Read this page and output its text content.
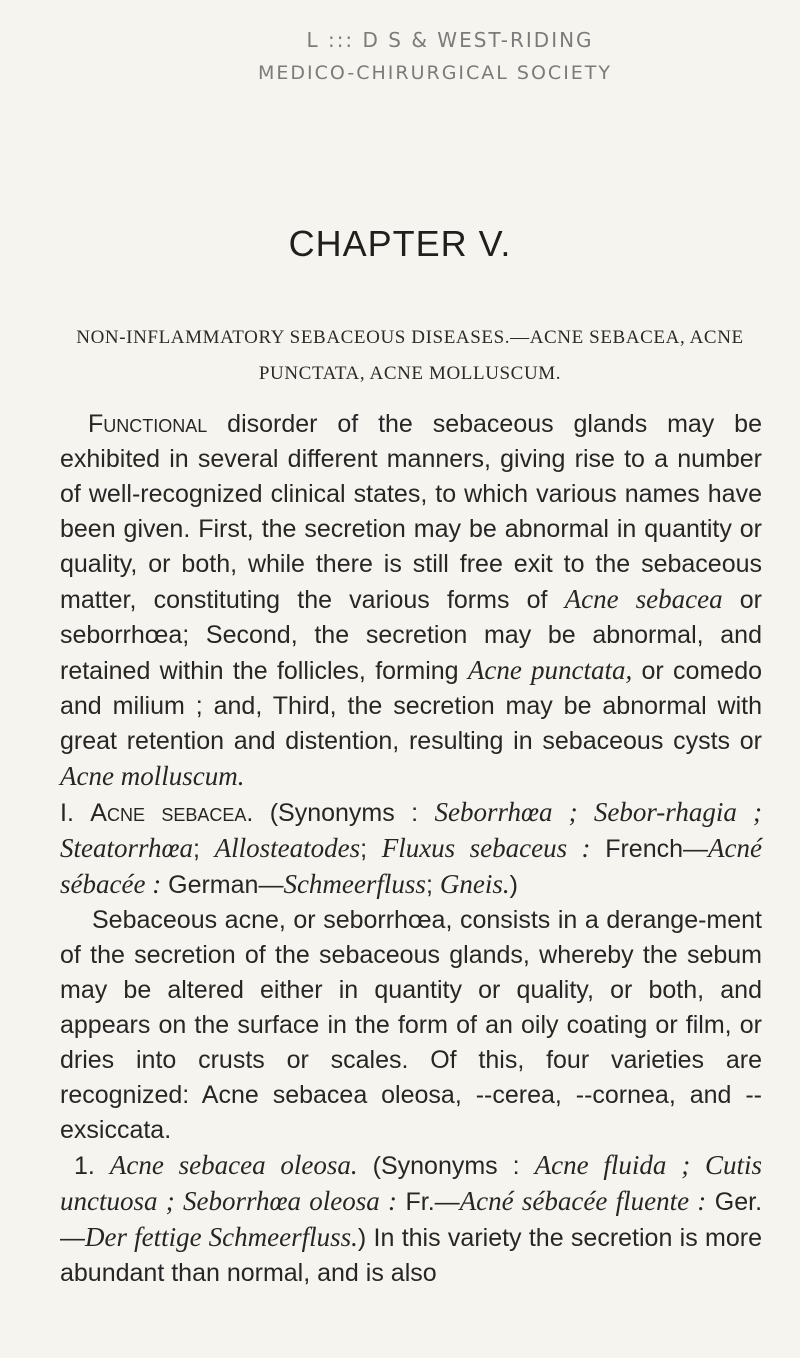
L ::: D S & WEST-RIDING
MEDICO-CHIRURGICAL SOCIETY
CHAPTER V.
NON-INFLAMMATORY SEBACEOUS DISEASES.—ACNE SEBACEA, ACNE PUNCTATA, ACNE MOLLUSCUM.

Functional disorder of the sebaceous glands may be exhibited in several different manners, giving rise to a number of well-recognized clinical states, to which various names have been given. First, the secretion may be abnormal in quantity or quality, or both, while there is still free exit to the sebaceous matter, constituting the various forms of Acne sebacea or seborrhœa; Second, the secretion may be abnormal, and retained within the follicles, forming Acne punctata, or comedo and milium ; and, Third, the secretion may be abnormal with great retention and distention, resulting in sebaceous cysts or Acne molluscum.

I. Acne sebacea. (Synonyms : Seborrhœa ; Sebor-rhagia ; Steatorrhœa; Allosteatodes; Fluxus sebaceus : French—Acné sébacée : German—Schmeerfluss; Gneis.)

Sebaceous acne, or seborrhœa, consists in a derange-ment of the secretion of the sebaceous glands, whereby the sebum may be altered either in quantity or quality, or both, and appears on the surface in the form of an oily coating or film, or dries into crusts or scales. Of this, four varieties are recognized: Acne sebacea oleosa, --cerea, --cornea, and --exsiccata.

1. Acne sebacea oleosa. (Synonyms : Acne fluida ; Cutis unctuosa ; Seborrhœa oleosa : Fr.—Acné sébacée fluente : Ger.—Der fettige Schmeerfluss.) In this variety the secretion is more abundant than normal, and is also
